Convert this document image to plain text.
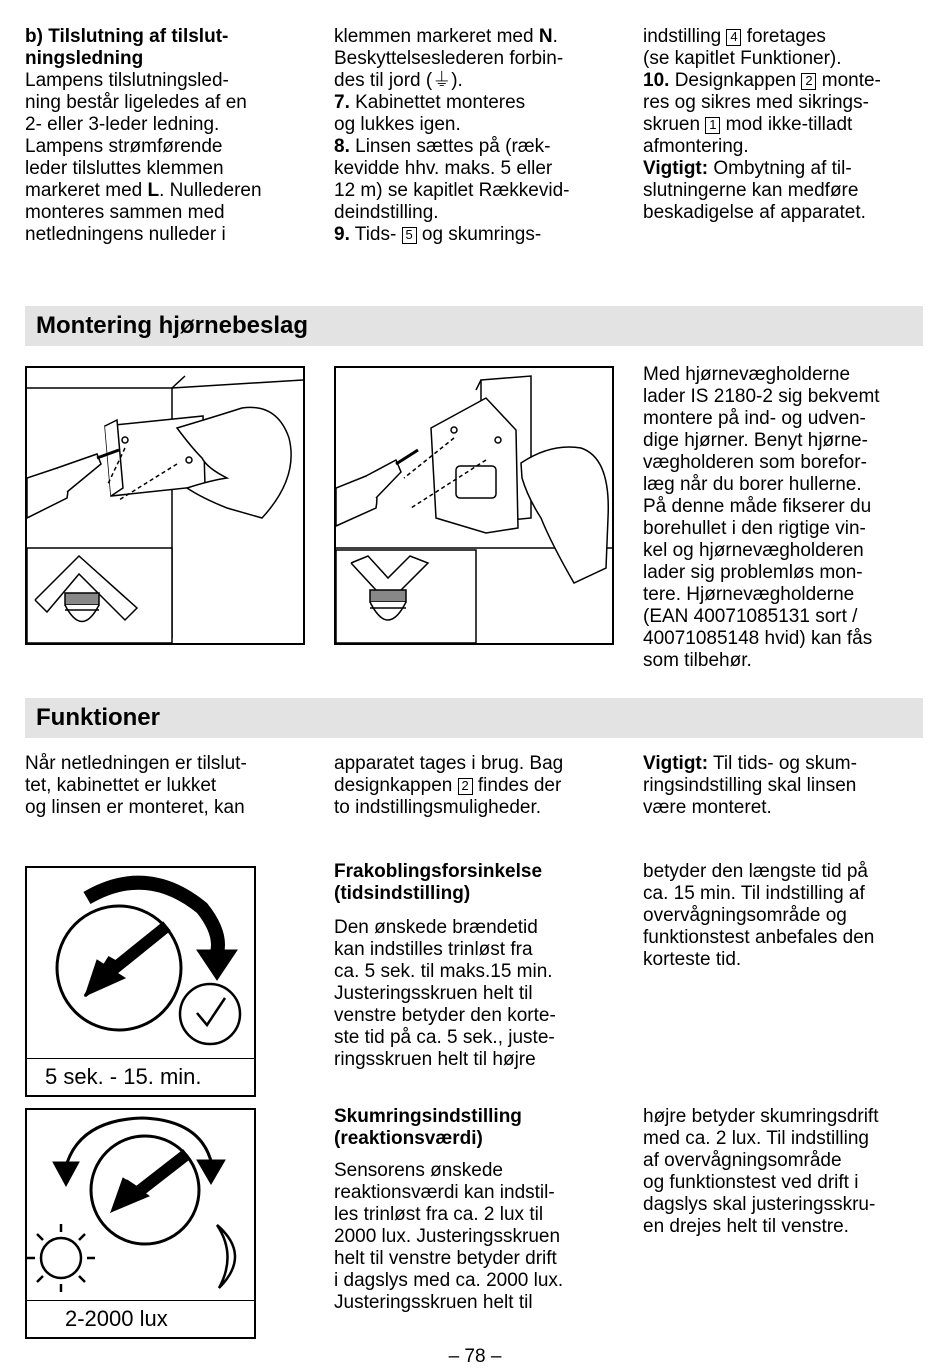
b) Tilslutning af tilslut-
ningsledning
Lampens tilslutningsled-
ning består ligeledes af en
2- eller 3-leder ledning.
Lampens strømførende
leder tilsluttes klemmen
markeret med L. Nullederen
monteres sammen med
netledningens nulleder i
klemmen markeret med N.
Beskyttelseslederen forbin-
des til jord (⏚).
7. Kabinettet monteres
og lukkes igen.
8. Linsen sættes på (ræk-
kevidde hhv. maks. 5 eller
12 m) se kapitlet Rækkevid-
deindstilling.
9. Tids- 5 og skumrings-
indstilling 4 foretages
(se kapitlet Funktioner).
10. Designkappen 2 monte-
res og sikres med sikrings-
skruen 1 mod ikke-tilladt
afmontering.
Vigtigt: Ombytning af til-
slutningerne kan medføre
beskadigelse af apparatet.
Montering hjørnebeslag
Med hjørnevægholderne
lader IS 2180-2 sig bekvemt
montere på ind- og udven-
dige hjørner. Benyt hjørne-
vægholderen som borefor-
læg når du borer hullerne.
På denne måde fikserer du
borehullet i den rigtige vin-
kel og hjørnevægholderen
lader sig problemløs mon-
tere. Hjørnevægholderne
(EAN 40071085131 sort /
40071085148 hvid) kan fås
som tilbehør.
Funktioner
Når netledningen er tilslut-
tet, kabinettet er lukket
og linsen er monteret, kan
apparatet tages i brug. Bag
designkappen 2 findes der
to indstillingsmuligheder.
Vigtigt: Til tids- og skum-
ringsindstilling skal linsen
være monteret.
5 sek. - 15. min.
Frakoblingsforsinkelse
(tidsindstilling)
Den ønskede brændetid
kan indstilles trinløst fra
ca. 5 sek. til maks.15 min.
Justeringsskruen helt til
venstre betyder den korte-
ste tid på ca. 5 sek., juste-
ringsskruen helt til højre
betyder den længste tid på
ca. 15 min. Til indstilling af
overvågningsområde og
funktionstest anbefales den
korteste tid.
2-2000 lux
Skumringsindstilling
(reaktionsværdi)
Sensorens ønskede
reaktionsværdi kan indstil-
les trinløst fra ca. 2 lux til
2000 lux. Justeringsskruen
helt til venstre betyder drift
i dagslys med ca. 2000 lux.
Justeringsskruen helt til
højre betyder skumringsdrift
med ca. 2 lux. Til indstilling
af overvågningsområde
og funktionstest ved drift i
dagslys skal justeringsskru-
en drejes helt til venstre.
– 78 –
